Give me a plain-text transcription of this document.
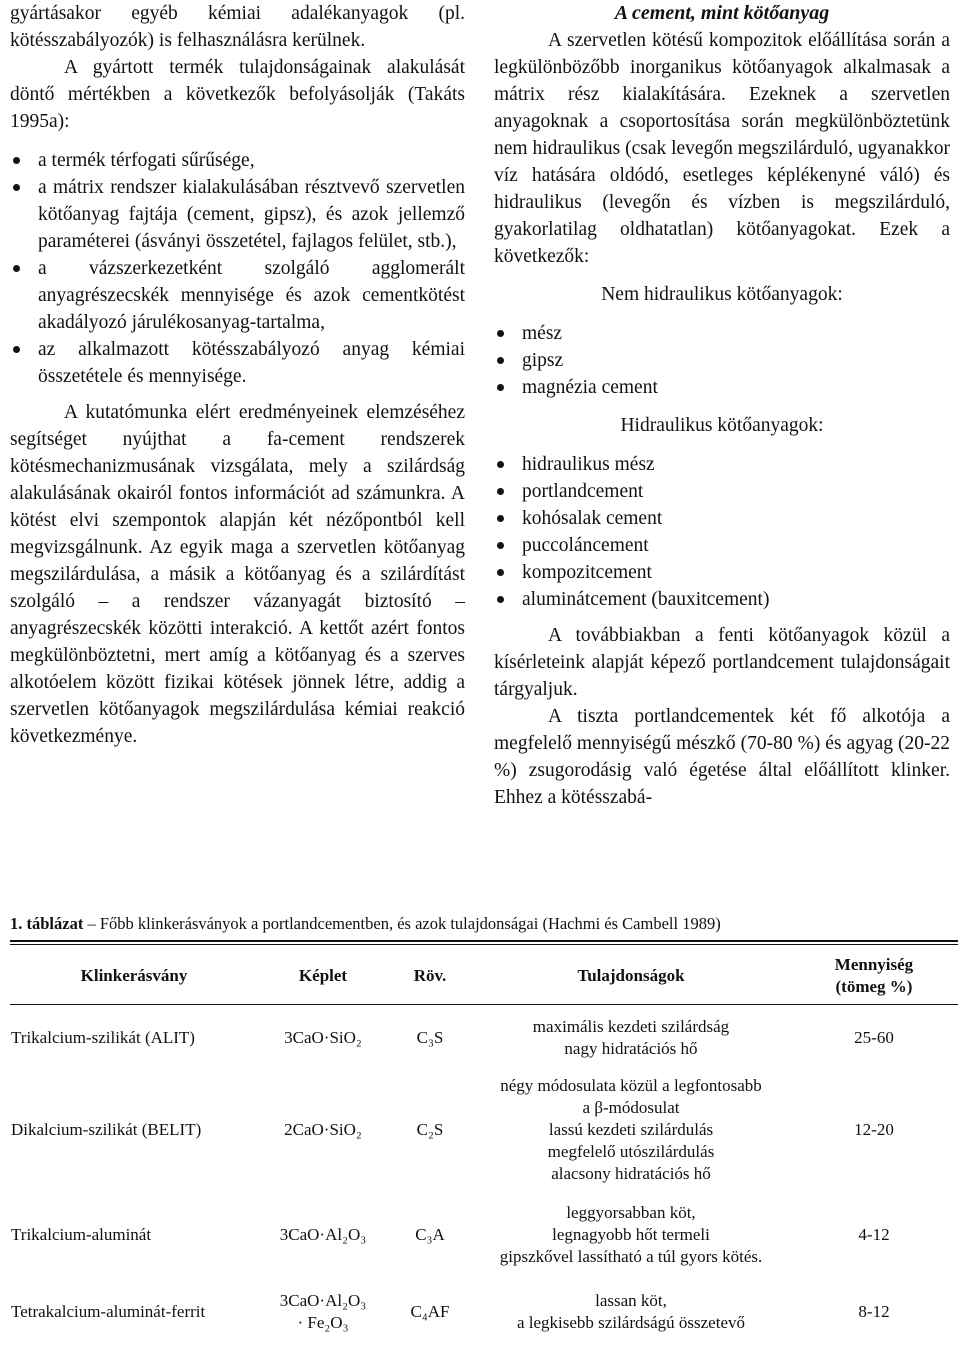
gyártásakor egyéb kémiai adalékanyagok (pl. kötésszabályozók) is felhasználásra kerülnek.

A gyártott termék tulajdonságainak alakulását döntő mértékben a következők befolyásolják (Takáts 1995a):

a termék térfogati sűrűsége,
a mátrix rendszer kialakulásában résztvevő szervetlen kötőanyag fajtája (cement, gipsz), és azok jellemző paraméterei (ásványi összetétel, fajlagos felület, stb.),
a vázszerkezetként szolgáló agglomerált anyagrészecskék mennyisége és azok cementkötést akadályozó járulékosanyag-tartalma,
az alkalmazott kötésszabályozó anyag kémiai összetétele és mennyisége.

A kutatómunka elért eredményeinek elemzéséhez segítséget nyújthat a fa-cement rendszerek kötésmechanizmusának vizsgálata, mely a szilárdság alakulásának okairól fontos információt ad számunkra. A kötést elvi szempontok alapján két nézőpontból kell megvizsgálnunk. Az egyik maga a szervetlen kötőanyag megszilárdulása, a másik a kötőanyag és a szilárdítást szolgáló – a rendszer vázanyagát biztosító – anyagrészecskék közötti interakció. A kettőt azért fontos megkülönböztetni, mert amíg a kötőanyag és a szerves alkotóelem között fizikai kötések jönnek létre, addig a szervetlen kötőanyagok megszilárdulása kémiai reakció következménye.

A cement, mint kötőanyag

A szervetlen kötésű kompozitok előállítása során a legkülönbözőbb inorganikus kötőanyagok alkalmasak a mátrix rész kialakítására. Ezeknek a szervetlen anyagoknak a csoportosítása során megkülönböztetünk nem hidraulikus (csak levegőn megszilárduló, ugyanakkor víz hatására oldódó, esetleges képlékenyné váló) és hidraulikus (levegőn és vízben is megszilárduló, gyakorlatilag oldhatatlan) kötőanyagokat. Ezek a következők:

Nem hidraulikus kötőanyagok:
mész
gipsz
magnézia cement
Hidraulikus kötőanyagok:
hidraulikus mész
portlandcement
kohósalak cement
puccoláncement
kompozitcement
aluminátcement (bauxitcement)

A továbbiakban a fenti kötőanyagok közül a kísérleteink alapját képező portlandcement tulajdonságait tárgyaljuk.

A tiszta portlandcementek két fő alkotója a megfelelő mennyiségű mészkő (70-80 %) és agyag (20-22 %) zsugorodásig való égetése által előállított klinker. Ehhez a kötésszabá-

1. táblázat – Főbb klinkerásványok a portlandcementben, és azok tulajdonságai (Hachmi és Cambell 1989)
Klinkerásvány	Képlet	Röv.	Tulajdonságok	Mennyiség
(tömeg %)

Trikalcium-szilikát (ALIT)	3CaO·SiO₂	C₃S	maximális kezdeti szilárdság
nagy hidratációs hő	25-60
Dikalcium-szilikát (BELIT)	2CaO·SiO₂	C₂S	négy módosulata közül a legfontosabb
a β-módosulat
lassú kezdeti szilárdulás
megfelelő utószilárdulás
alacsony hidratációs hő	12-20
Trikalcium-aluminát	3CaO·Al₂O₃	C₃A	leggyorsabban köt,
legnagyobb hőt termeli
gipszkővel lassítható a túl gyors kötés.	4-12
Tetrakalcium-aluminát-ferrit	3CaO·Al₂O₃
· Fe₂O₃	C₄AF	lassan köt,
a legkisebb szilárdságú összetevő	8-12
